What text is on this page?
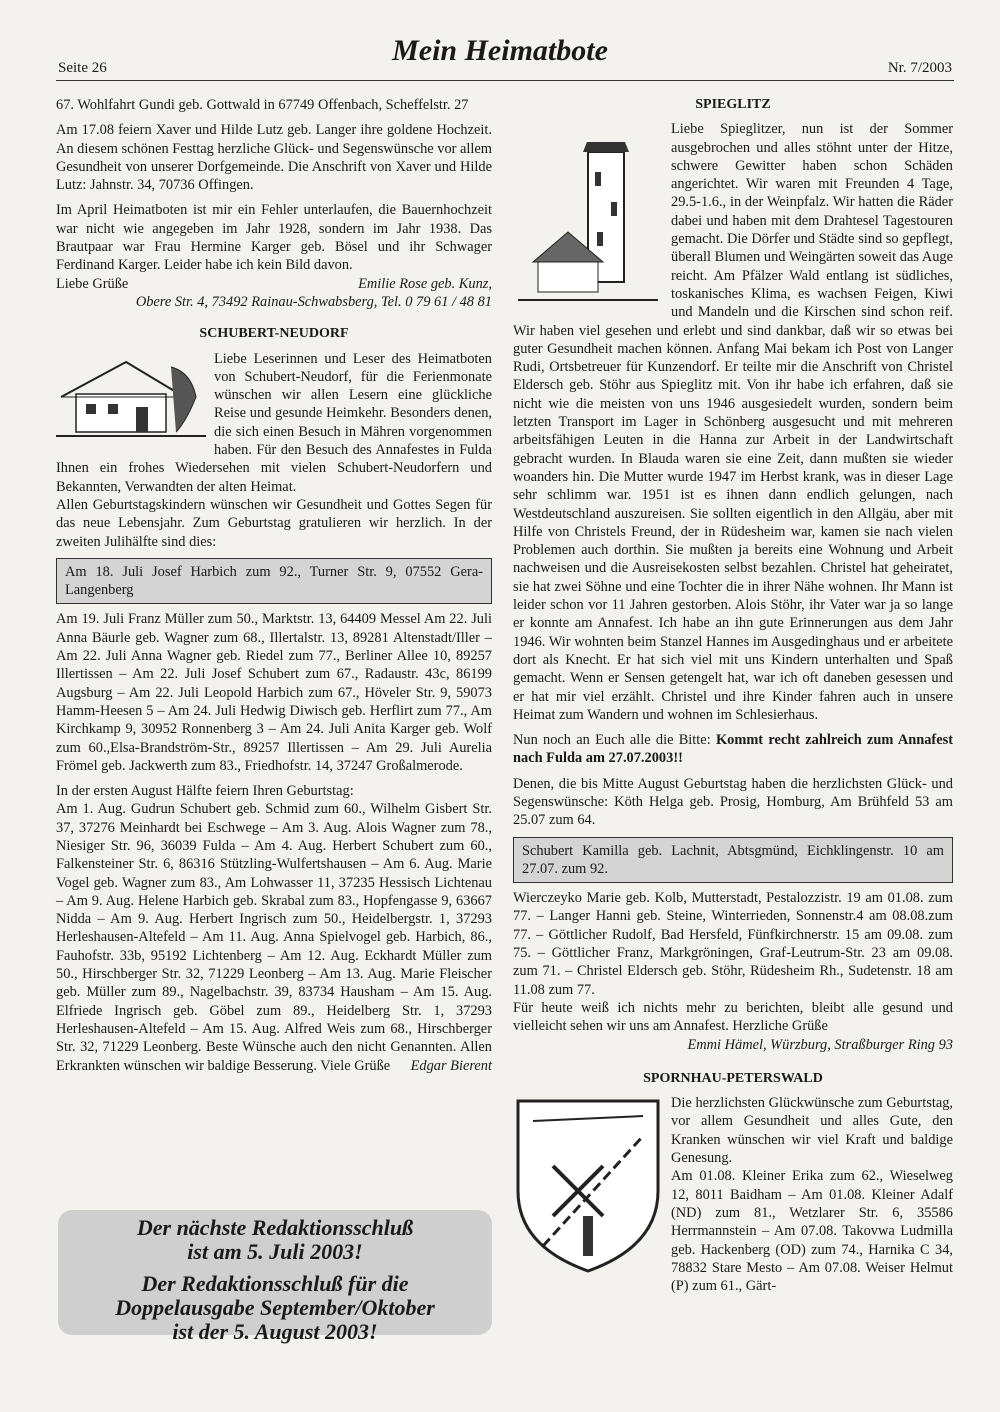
Seite 26
Mein Heimatbote
Nr. 7/2003

67. Wohlfahrt Gundi geb. Gottwald in 67749 Offenbach, Scheffelstr. 27

Am 17.08 feiern Xaver und Hilde Lutz geb. Langer ihre goldene Hochzeit. An diesem schönen Festtag herzliche Glück- und Segenswünsche vor allem Gesundheit von unserer Dorfgemeinde. Die Anschrift von Xaver und Hilde Lutz: Jahnstr. 34, 70736 Offingen.

Im April Heimatboten ist mir ein Fehler unterlaufen, die Bauernhochzeit war nicht wie angegeben im Jahr 1928, sondern im Jahr 1938. Das Brautpaar war Frau Hermine Karger geb. Bösel und ihr Schwager Ferdinand Karger. Leider habe ich kein Bild davon.
Liebe Grüße	Emilie Rose geb. Kunz,

Obere Str. 4, 73492 Rainau-Schwabsberg, Tel. 0 79 61 / 48 81
SCHUBERT-NEUDORF

Liebe Leserinnen und Leser des Heimatboten von Schubert-Neudorf, für die Ferienmonate wünschen wir allen Lesern eine glückliche Reise und gesunde Heimkehr. Besonders denen, die sich einen Besuch in Mähren vorgenommen haben. Für den Besuch des Annafestes in Fulda Ihnen ein frohes Wiedersehen mit vielen Schubert-Neudorfern und Bekannten, Verwandten der alten Heimat.

Allen Geburtstagskindern wünschen wir Gesundheit und Gottes Segen für das neue Lebensjahr. Zum Geburtstag gratulieren wir herzlich. In der zweiten Julihälfte sind dies:

Am 18. Juli Josef Harbich zum 92., Turner Str. 9, 07552 Gera-Langenberg

Am 19. Juli Franz Müller zum 50., Marktstr. 13, 64409 Messel Am 22. Juli Anna Bäurle geb. Wagner zum 68., Illertalstr. 13, 89281 Altenstadt/Iller – Am 22. Juli Anna Wagner geb. Riedel zum 77., Berliner Allee 10, 89257 Illertissen – Am 22. Juli Josef Schubert zum 67., Radaustr. 43c, 86199 Augsburg – Am 22. Juli Leopold Harbich zum 67., Höveler Str. 9, 59073 Hamm-Heesen 5 – Am 24. Juli Hedwig Diwisch geb. Herflirt zum 77., Am Kirchkamp 9, 30952 Ronnenberg 3 – Am 24. Juli Anita Karger geb. Wolf zum 60.,Elsa-Brandström-Str., 89257 Illertissen – Am 29. Juli Aurelia Frömel geb. Jackwerth zum 83., Friedhofstr. 14, 37247 Großalmerode.

In der ersten August Hälfte feiern Ihren Geburtstag:
Am 1. Aug. Gudrun Schubert geb. Schmid zum 60., Wilhelm Gisbert Str. 37, 37276 Meinhardt bei Eschwege – Am 3. Aug. Alois Wagner zum 78., Niesiger Str. 96, 36039 Fulda – Am 4. Aug. Herbert Schubert zum 60., Falkensteiner Str. 6, 86316 Stützling-Wulfertshausen – Am 6. Aug. Marie Vogel geb. Wagner zum 83., Am Lohwasser 11, 37235 Hessisch Lichtenau – Am 9. Aug. Helene Harbich geb. Skrabal zum 83., Hopfengasse 9, 63667 Nidda – Am 9. Aug. Herbert Ingrisch zum 50., Heidelbergstr. 1, 37293 Herleshausen-Altefeld – Am 11. Aug. Anna Spielvogel geb. Harbich, 86., Fauhofstr. 33b, 95192 Lichtenberg – Am 12. Aug. Eckhardt Müller zum 50., Hirschberger Str. 32, 71229 Leonberg – Am 13. Aug. Marie Fleischer geb. Müller zum 89., Nagelbachstr. 39, 83734 Hausham – Am 15. Aug. Elfriede Ingrisch geb. Göbel zum 89., Heidelberg Str. 1, 37293 Herleshausen-Altefeld – Am 15. Aug. Alfred Weis zum 68., Hirschberger Str. 32, 71229 Leonberg. Beste Wünsche auch den nicht Genannten. Allen Erkrankten wünschen wir baldige Besserung. Viele Grüße Edgar Bierent

Der nächste Redaktionsschluß
ist am 5. Juli 2003!
Der Redaktionsschluß für die
Doppelausgabe September/Oktober
ist der 5. August 2003!
SPIEGLITZ

Liebe Spieglitzer, nun ist der Sommer ausgebrochen und alles stöhnt unter der Hitze, schwere Gewitter haben schon Schäden angerichtet. Wir waren mit Freunden 4 Tage, 29.5-1.6., in der Weinpfalz. Wir hatten die Räder dabei und haben mit dem Drahtesel Tagestouren gemacht. Die Dörfer und Städte sind so gepflegt, überall Blumen und Weingärten soweit das Auge reicht. Am Pfälzer Wald entlang ist südliches, toskanisches Klima, es wachsen Feigen, Kiwi und Mandeln und die Kirschen sind schon reif. Wir haben viel gesehen und erlebt und sind dankbar, daß wir so etwas bei guter Gesundheit machen können. Anfang Mai bekam ich Post von Langer Rudi, Ortsbetreuer für Kunzendorf. Er teilte mir die Anschrift von Christel Eldersch geb. Stöhr aus Spieglitz mit. Von ihr habe ich erfahren, daß sie nicht wie die meisten von uns 1946 ausgesiedelt wurden, sondern beim letzten Transport im Lager in Schönberg ausgesucht und mit mehreren arbeitsfähigen Leuten in die Hanna zur Arbeit in der Landwirtschaft gebracht wurden. In Blauda waren sie eine Zeit, dann mußten sie wieder woanders hin. Die Mutter wurde 1947 im Herbst krank, was in dieser Lage sehr schlimm war. 1951 ist es ihnen dann endlich gelungen, nach Westdeutschland auszureisen. Sie sollten eigentlich in den Allgäu, aber mit Hilfe von Christels Freund, der in Rüdesheim war, kamen sie nach vielen Problemen auch dorthin. Sie mußten ja bereits eine Wohnung und Arbeit nachweisen und die Ausreisekosten selbst bezahlen. Christel hat geheiratet, sie hat zwei Söhne und eine Tochter die in ihrer Nähe wohnen. Ihr Mann ist leider schon vor 11 Jahren gestorben. Alois Stöhr, ihr Vater war ja so lange er konnte am Annafest. Ich habe an ihn gute Erinnerungen aus dem Jahr 1946. Wir wohnten beim Stanzel Hannes im Ausgedinghaus und er arbeitete dort als Knecht. Er hat sich viel mit uns Kindern unterhalten und Spaß gemacht. Wenn er Sensen getengelt hat, war ich oft daneben gesessen und er hat mir viel erzählt. Christel und ihre Kinder fahren auch in unsere Heimat zum Wandern und wohnen im Schlesierhaus.

Nun noch an Euch alle die Bitte: Kommt recht zahlreich zum Annafest nach Fulda am 27.07.2003!!

Denen, die bis Mitte August Geburtstag haben die herzlichsten Glück- und Segenswünsche: Köth Helga geb. Prosig, Homburg, Am Brühfeld 53 am 25.07 zum 64.

Schubert Kamilla geb. Lachnit, Abtsgmünd, Eichklingenstr. 10 am 27.07. zum 92.

Wierczeyko Marie geb. Kolb, Mutterstadt, Pestalozzistr. 19 am 01.08. zum 77. – Langer Hanni geb. Steine, Winterrieden, Sonnenstr.4 am 08.08.zum 77. – Göttlicher Rudolf, Bad Hersfeld, Fünfkirchnerstr. 15 am 09.08. zum 75. – Göttlicher Franz, Markgröningen, Graf-Leutrum-Str. 23 am 09.08. zum 71. – Christel Eldersch geb. Stöhr, Rüdesheim Rh., Sudetenstr. 18 am 11.08 zum 77.

Für heute weiß ich nichts mehr zu berichten, bleibt alle gesund und vielleicht sehen wir uns am Annafest. Herzliche Grüße

Emmi Hämel, Würzburg, Straßburger Ring 93
SPORNHAU-PETERSWALD

Die herzlichsten Glückwünsche zum Geburtstag, vor allem Gesundheit und alles Gute, den Kranken wünschen wir viel Kraft und baldige Genesung.

Am 01.08. Kleiner Erika zum 62., Wieselweg 12, 8011 Baidham – Am 01.08. Kleiner Adalf (ND) zum 81., Wetzlarer Str. 6, 35586 Herrmannstein – Am 07.08. Takovwa Ludmilla geb. Hackenberg (OD) zum 74., Harnika C 34, 78832 Stare Mesto – Am 07.08. Weiser Helmut (P) zum 61., Gärt-
